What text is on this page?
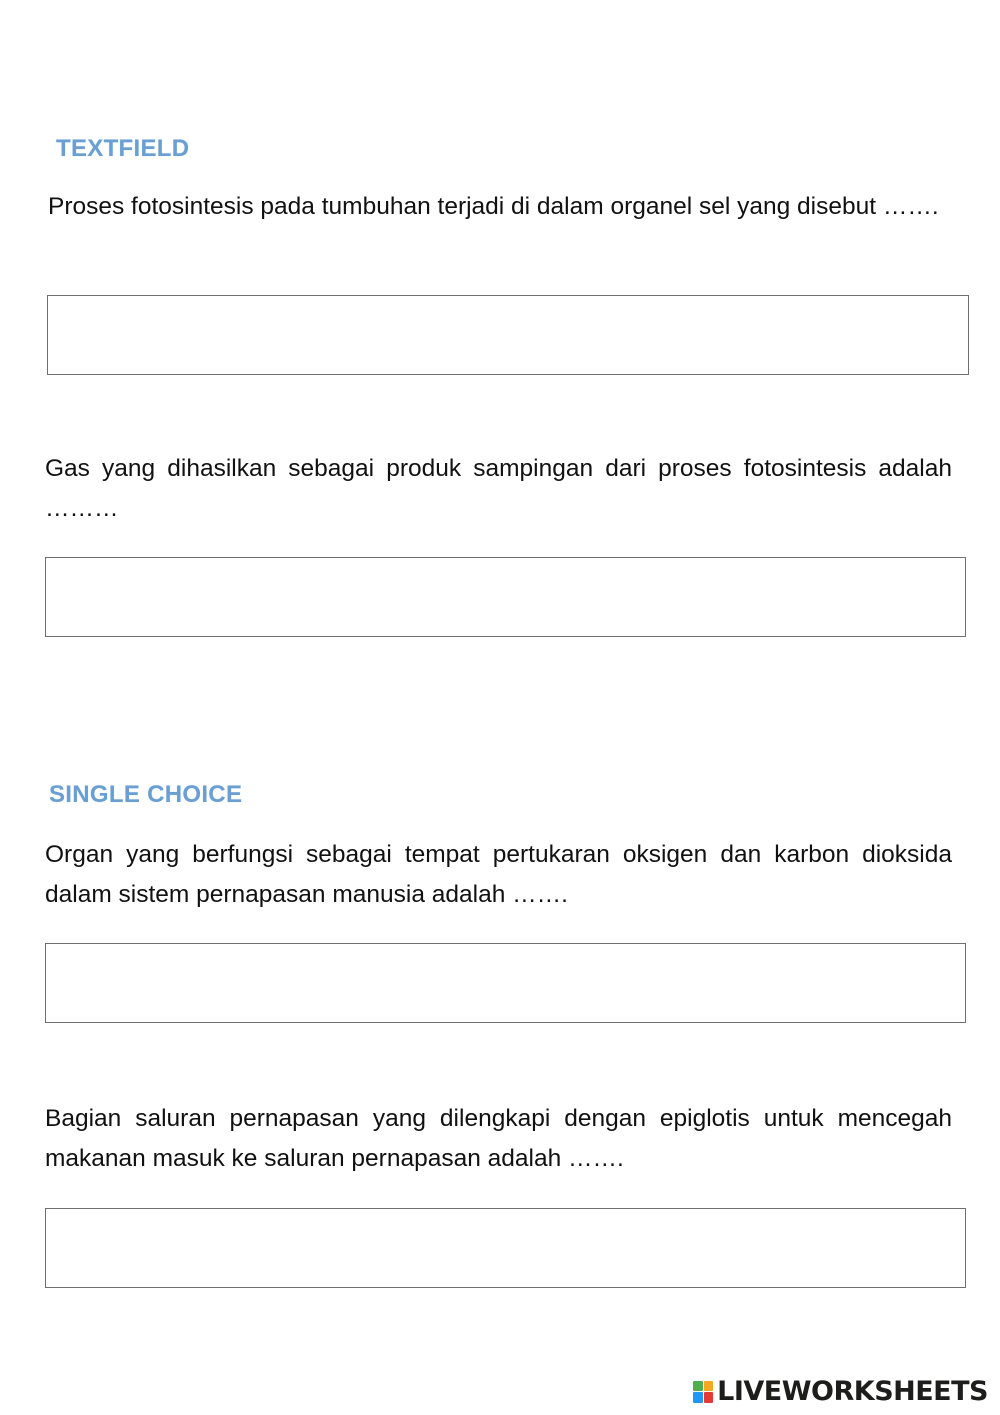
TEXTFIELD

Proses fotosintesis pada tumbuhan terjadi di dalam organel sel yang disebut …….

Gas yang dihasilkan sebagai produk sampingan dari proses fotosintesis adalah ………

SINGLE CHOICE

Organ yang berfungsi sebagai tempat pertukaran oksigen dan karbon dioksida dalam sistem pernapasan manusia adalah …….

Bagian saluran pernapasan yang dilengkapi dengan epiglotis untuk mencegah makanan masuk ke saluran pernapasan adalah …….

LIVEWORKSHEETS
